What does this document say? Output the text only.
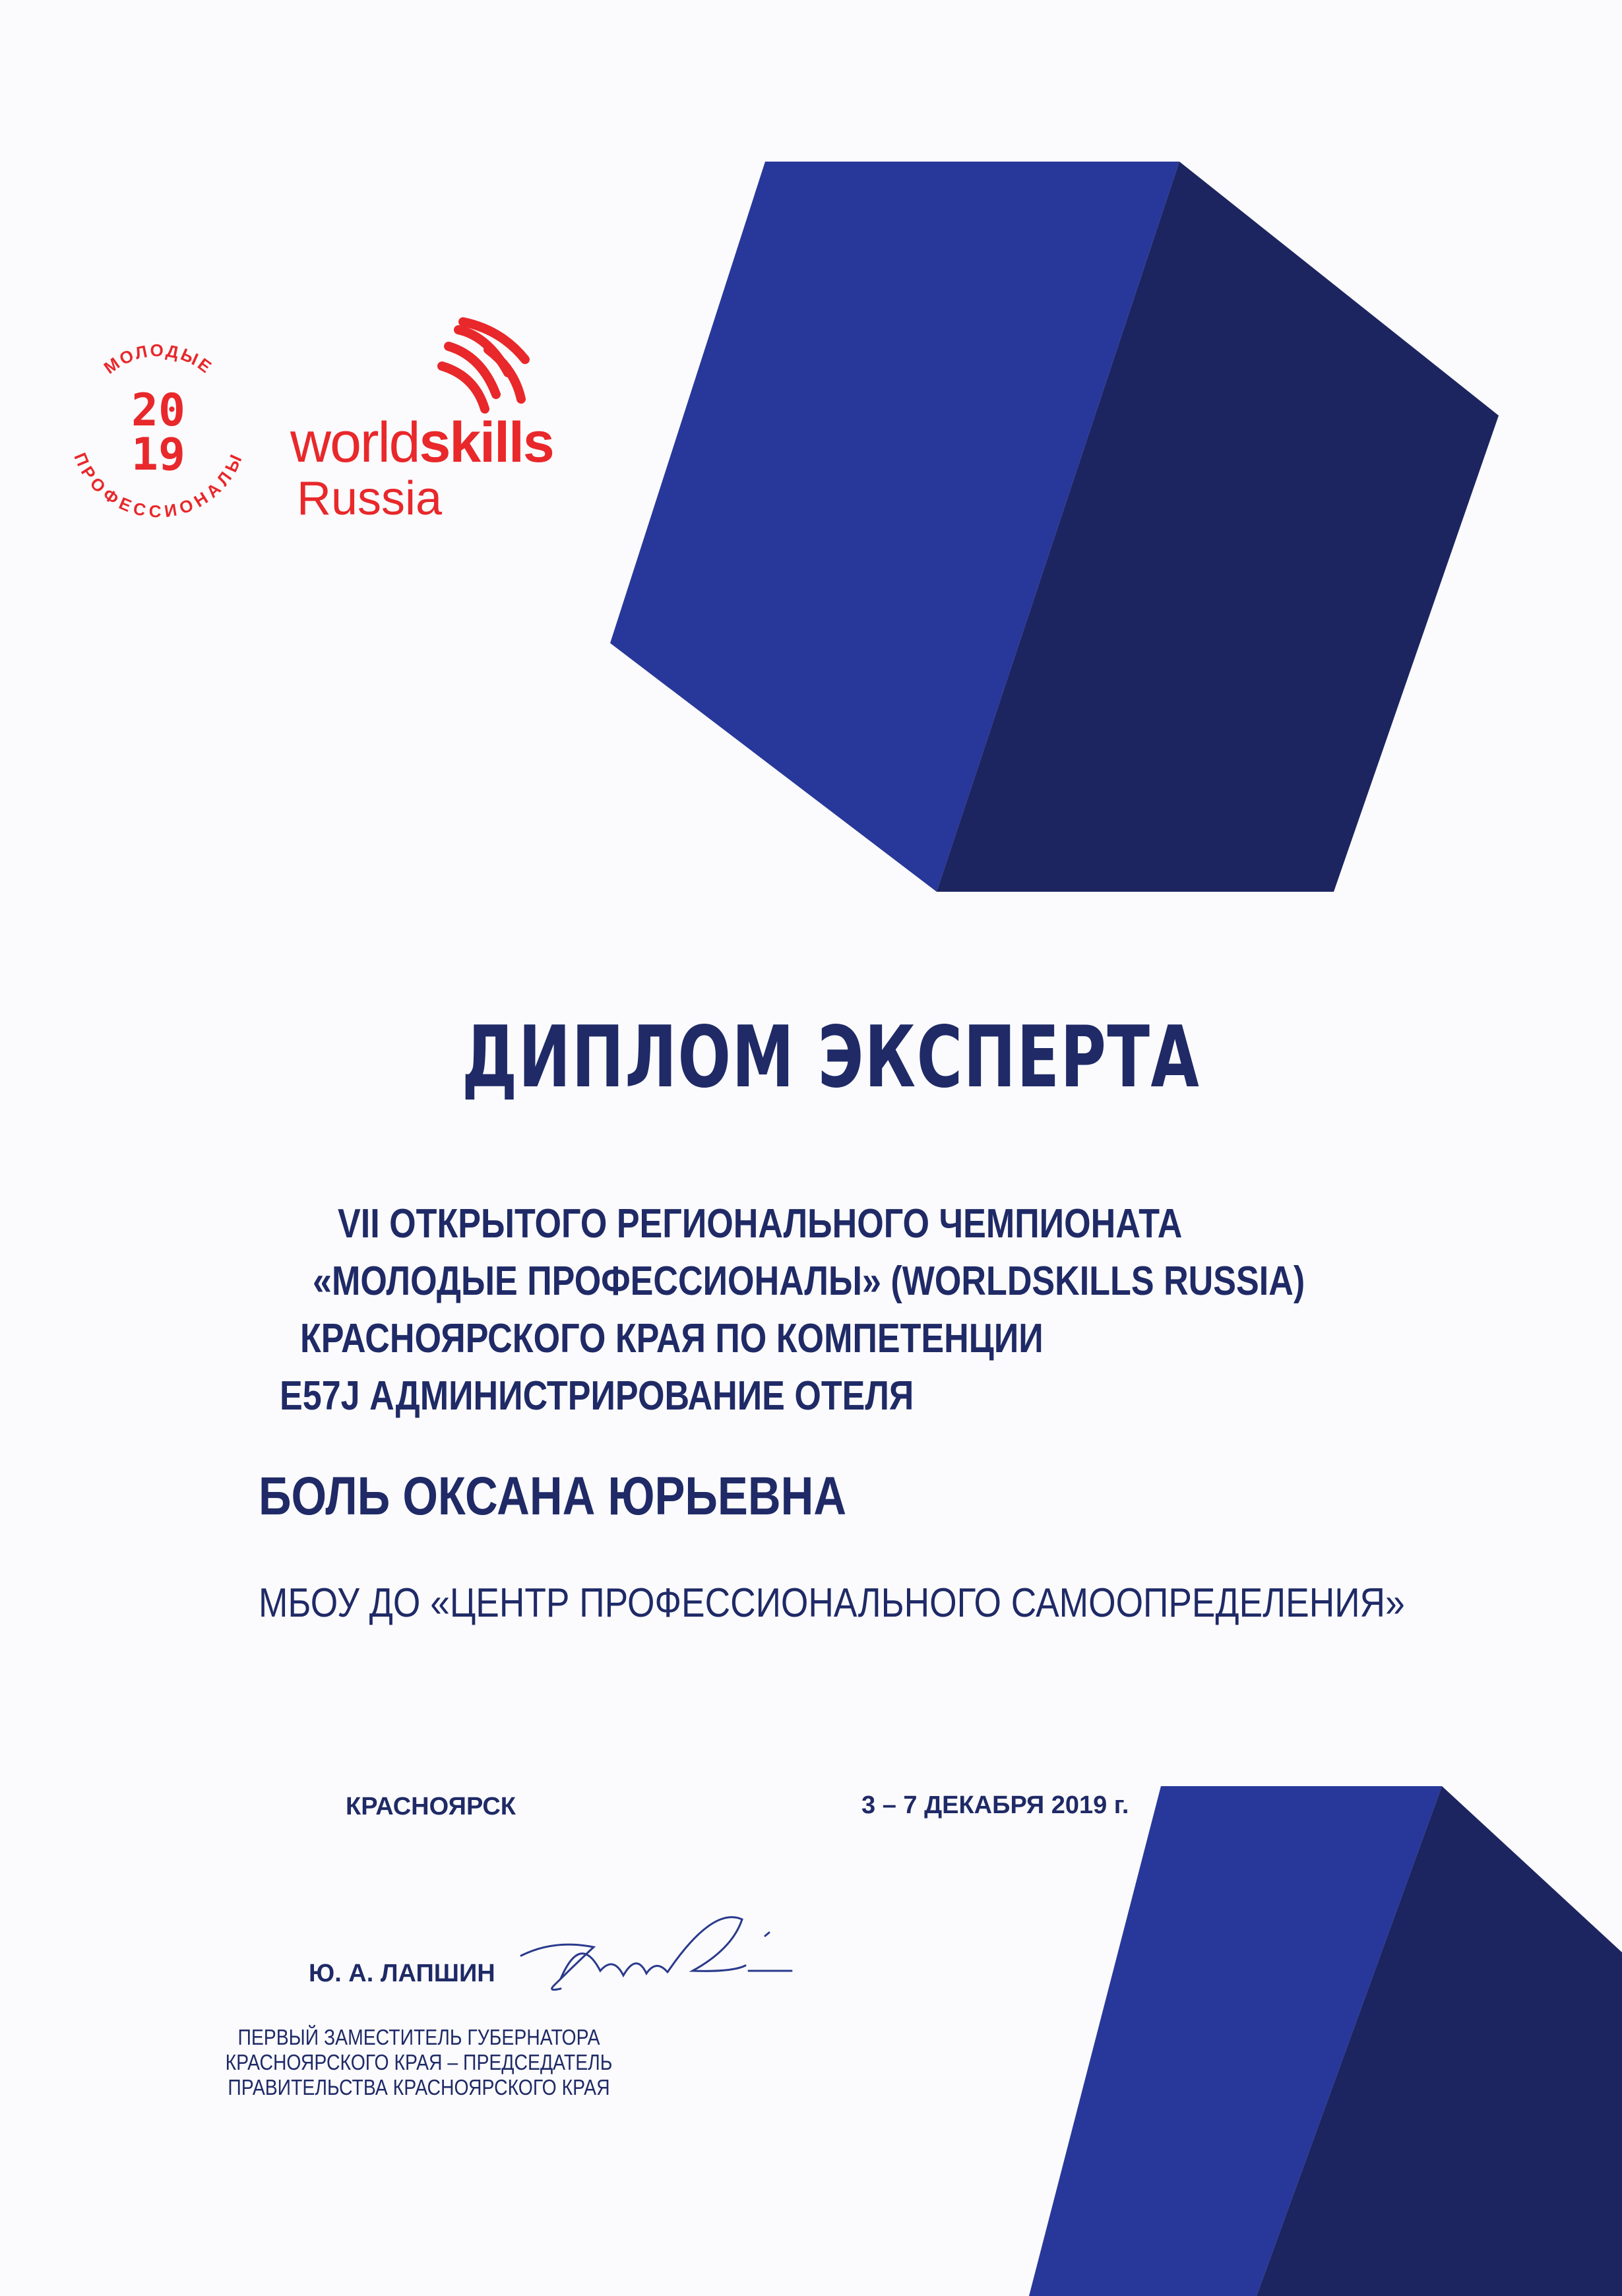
МОЛОДЫЕ
ПРОФЕССИОНАЛЫ
20
19 worldskills
Russia
ДИПЛОМ ЭКСПЕРТА
VII ОТКРЫТОГО РЕГИОНАЛЬНОГО ЧЕМПИОНАТА
«МОЛОДЫЕ ПРОФЕССИОНАЛЫ» (WORLDSKILLS RUSSIA)
КРАСНОЯРСКОГО КРАЯ ПО КОМПЕТЕНЦИИ
E57J АДМИНИСТРИРОВАНИЕ ОТЕЛЯ
БОЛЬ ОКСАНА ЮРЬЕВНА
МБОУ ДО «ЦЕНТР ПРОФЕССИОНАЛЬНОГО САМООПРЕДЕЛЕНИЯ»
КРАСНОЯРСК	3 – 7 ДЕКАБРЯ 2019 г.
Ю. А. ЛАПШИН
ПЕРВЫЙ ЗАМЕСТИТЕЛЬ ГУБЕРНАТОРА
КРАСНОЯРСКОГО КРАЯ – ПРЕДСЕДАТЕЛЬ
ПРАВИТЕЛЬСТВА КРАСНОЯРСКОГО КРАЯ
